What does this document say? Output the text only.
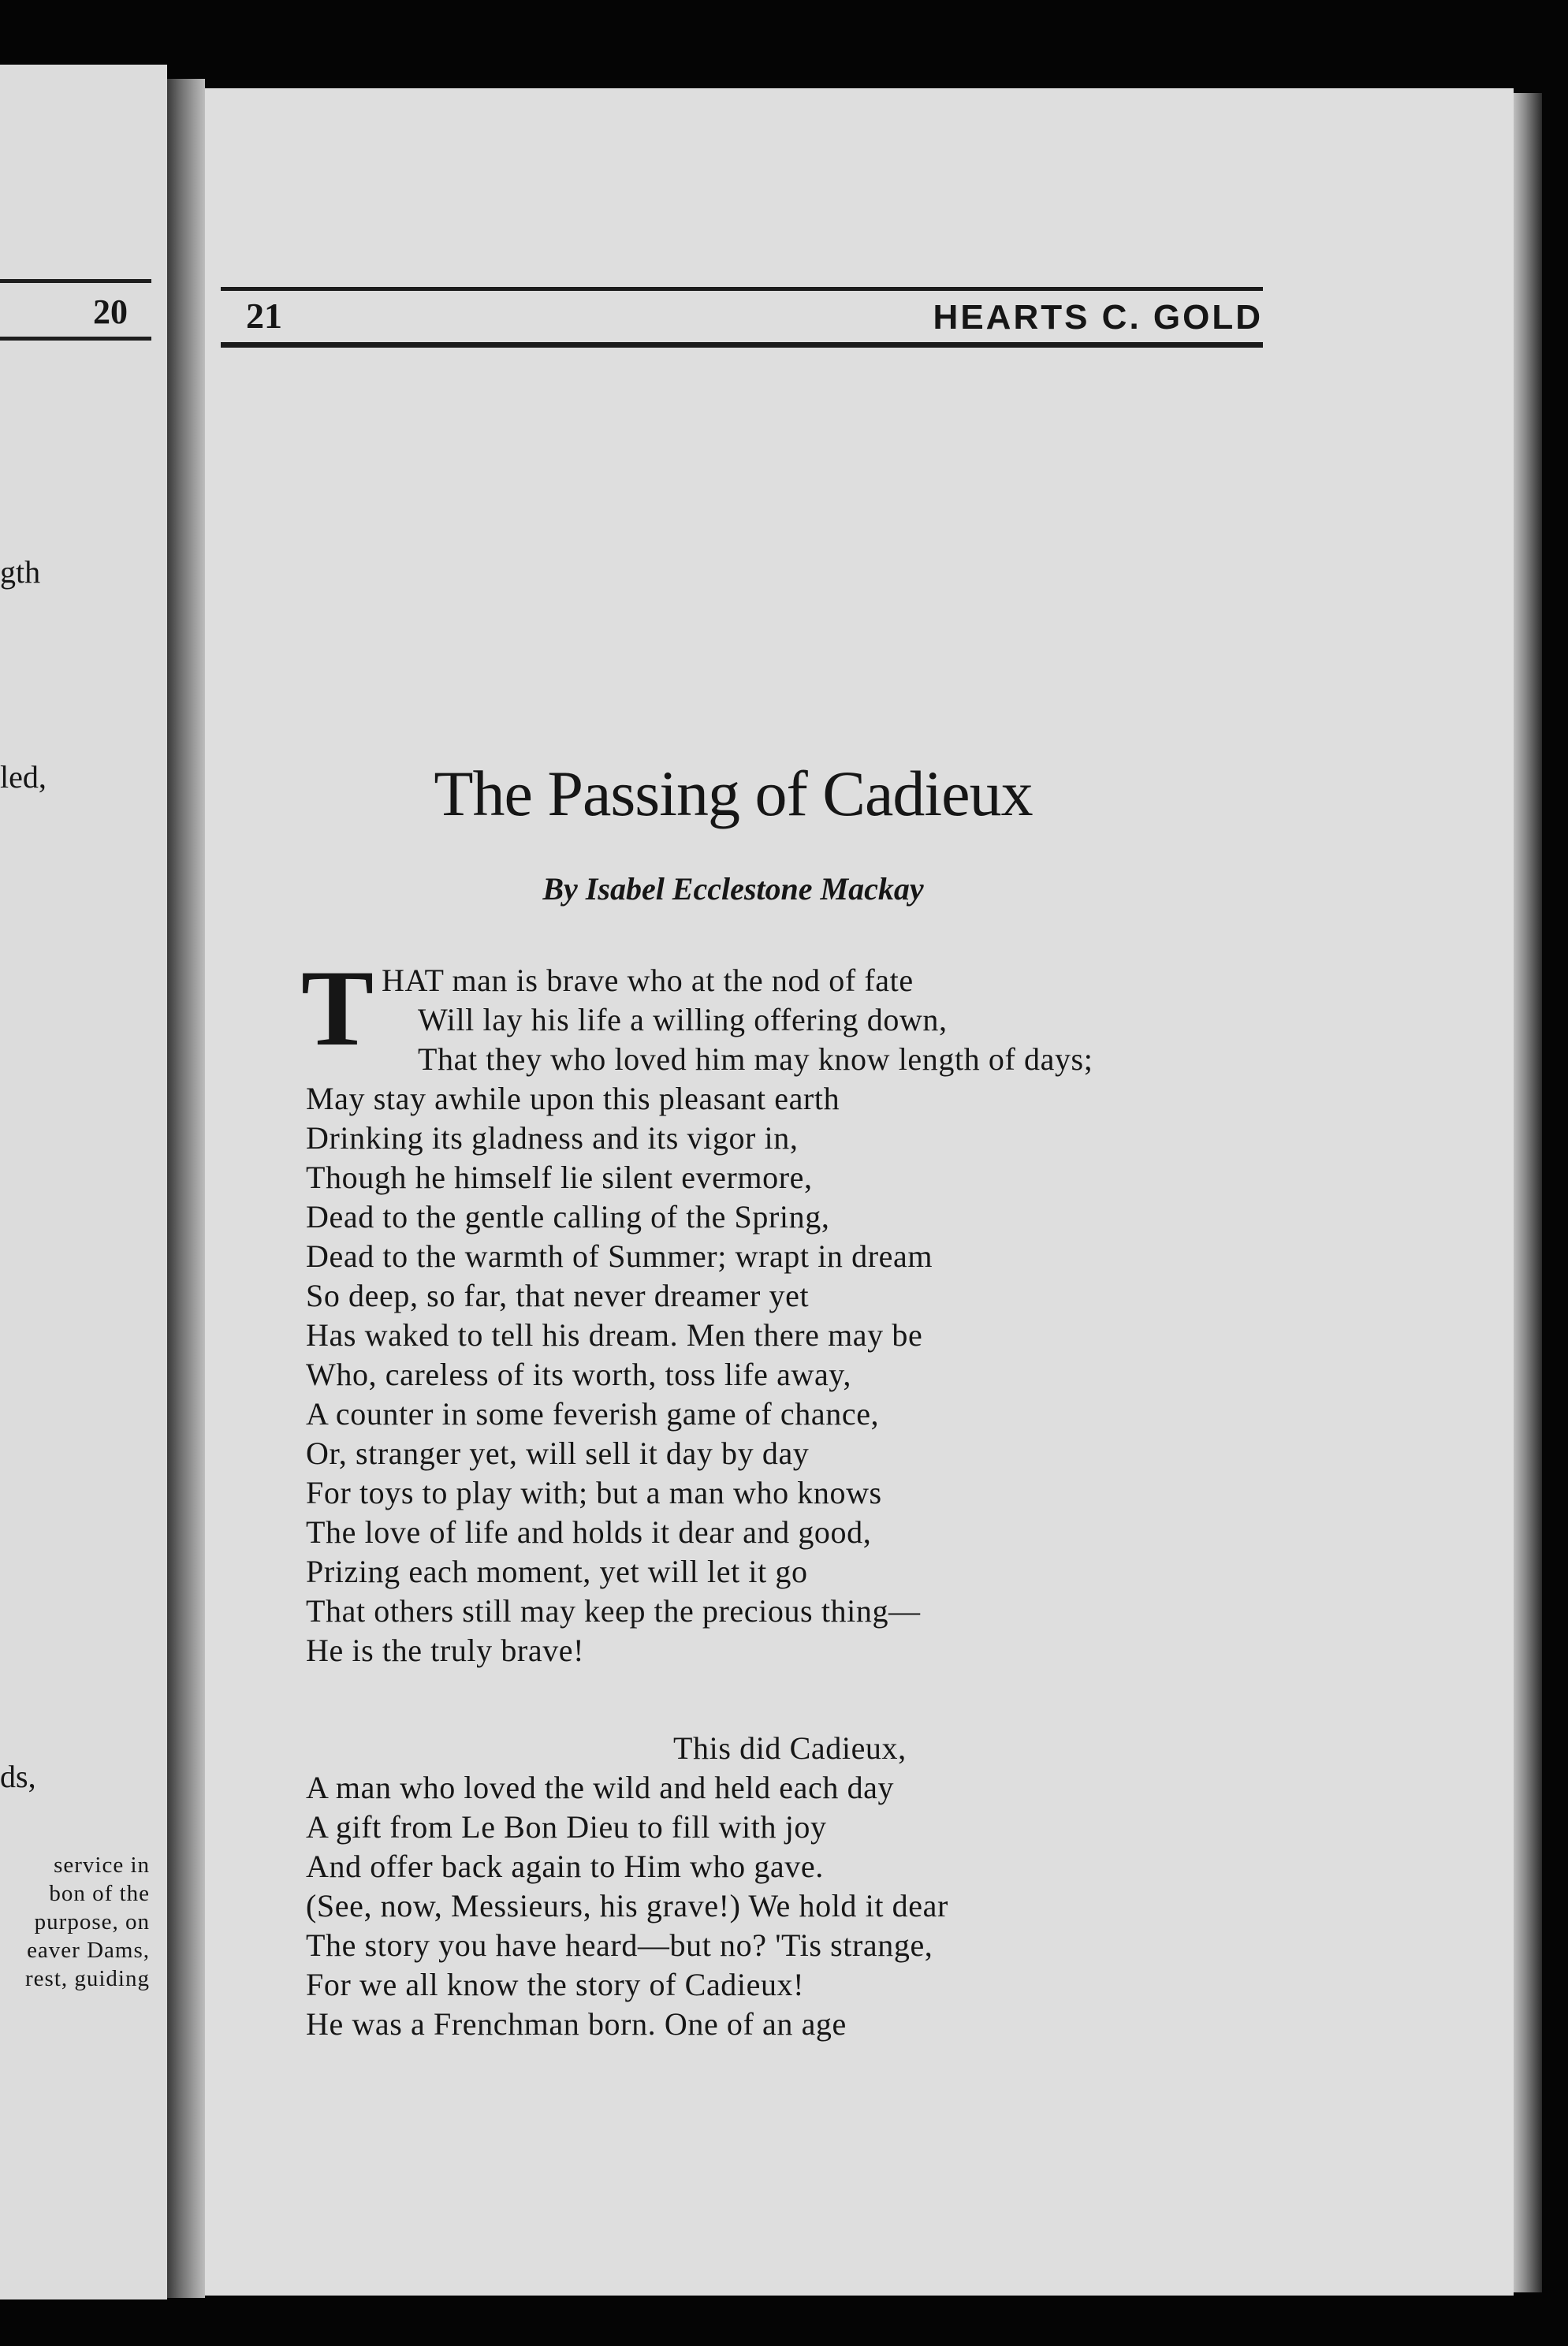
20
gth
led,
ds,
service in
bon of the
purpose, on
eaver Dams,
rest, guiding
21	HEARTS C. GOLD
The Passing of Cadieux
By Isabel Ecclestone Mackay
T HAT man is brave who at the nod of fate
Will lay his life a willing offering down,
That they who loved him may know length of days;
May stay awhile upon this pleasant earth
Drinking its gladness and its vigor in,
Though he himself lie silent evermore,
Dead to the gentle calling of the Spring,
Dead to the warmth of Summer; wrapt in dream
So deep, so far, that never dreamer yet
Has waked to tell his dream. Men there may be
Who, careless of its worth, toss life away,
A counter in some feverish game of chance,
Or, stranger yet, will sell it day by day
For toys to play with; but a man who knows
The love of life and holds it dear and good,
Prizing each moment, yet will let it go
That others still may keep the precious thing—
He is the truly brave!
This did Cadieux,
A man who loved the wild and held each day
A gift from Le Bon Dieu to fill with joy
And offer back again to Him who gave.
(See, now, Messieurs, his grave!) We hold it dear
The story you have heard—but no? 'Tis strange,
For we all know the story of Cadieux!
He was a Frenchman born. One of an age
